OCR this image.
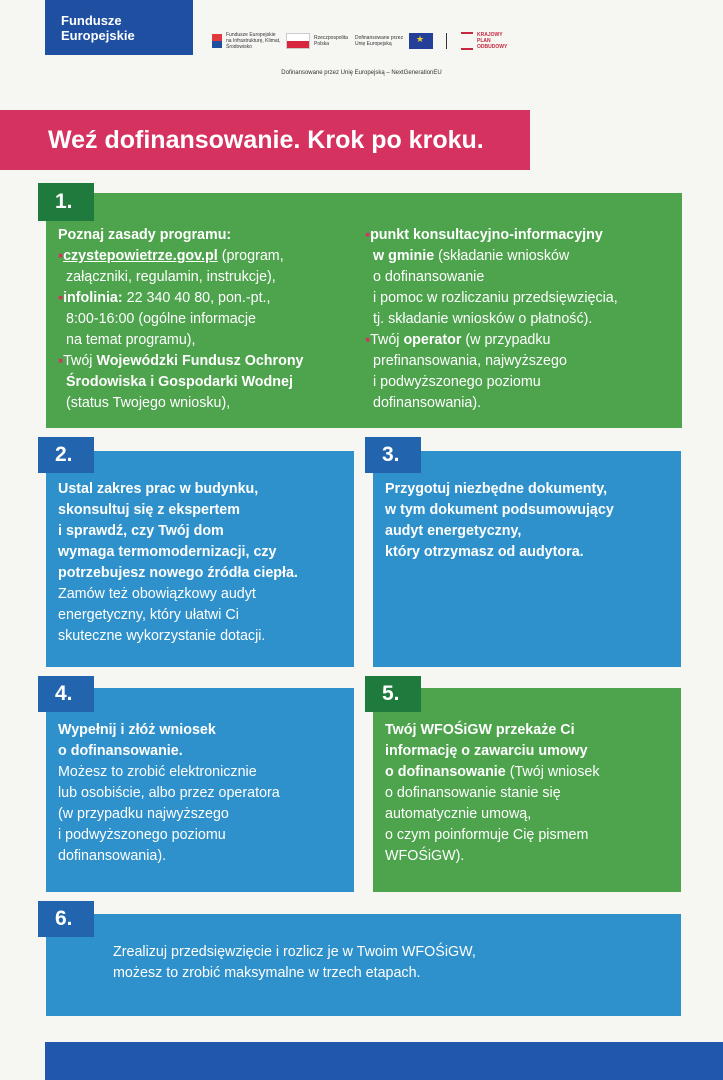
Fundusze Europejskie	Fundusze Europejskie na Infrastrukturę, Klimat, Środowisko
Rzeczpospolita Polska
Dofinansowane przez Unię Europejską
★
KRAJOWY PLAN ODBUDOWY
Dofinansowane przez Unię Europejską – NextGenerationEU
Weź dofinansowanie. Krok po kroku.
1.
Poznaj zasady programu:
▪czystepowietrze.gov.pl (program,
załączniki, regulamin, instrukcje),
▪infolinia: 22 340 40 80, pon.-pt.,
8:00-16:00 (ogólne informacje
na temat programu),
▪Twój Wojewódzki Fundusz Ochrony
Środowiska i Gospodarki Wodnej
(status Twojego wniosku),
▪punkt konsultacyjno-informacyjny
w gminie (składanie wniosków
o dofinansowanie
i pomoc w rozliczaniu przedsięwzięcia,
tj. składanie wniosków o płatność).
▪Twój operator (w przypadku
prefinansowania, najwyższego
i podwyższonego poziomu
dofinansowania).
2.
Ustal zakres prac w budynku,
skonsultuj się z ekspertem
i sprawdź, czy Twój dom
wymaga termomodernizacji, czy
potrzebujesz nowego źródła ciepła.
Zamów też obowiązkowy audyt
energetyczny, który ułatwi Ci
skuteczne wykorzystanie dotacji.
3.
Przygotuj niezbędne dokumenty,
w tym dokument podsumowujący
audyt energetyczny,
który otrzymasz od audytora.
4.
Wypełnij i złóż wniosek
o dofinansowanie.
Możesz to zrobić elektronicznie
lub osobiście, albo przez operatora
(w przypadku najwyższego
i podwyższonego poziomu
dofinansowania).
5.
Twój WFOŚiGW przekaże Ci
informację o zawarciu umowy
o dofinansowanie (Twój wniosek
o dofinansowanie stanie się
automatycznie umową,
o czym poinformuje Cię pismem
WFOŚiGW).
6.
Zrealizuj przedsięwzięcie i rozlicz je w Twoim WFOŚiGW,
możesz to zrobić maksymalne w trzech etapach.
